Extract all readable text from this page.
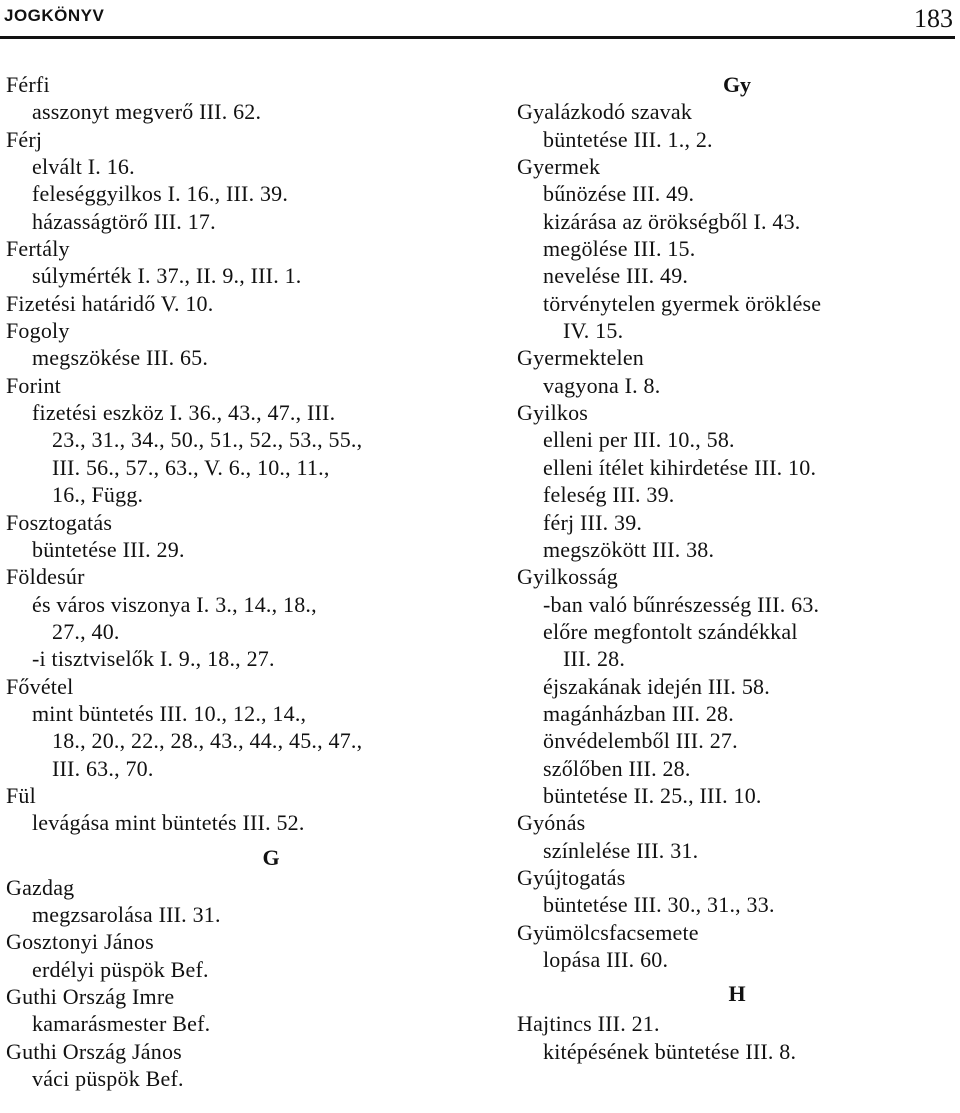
JOGKÖNYV	183
Férfi
asszonyt megverő III. 62.
Férj
elvált I. 16.
feleséggyilkos I. 16., III. 39.
házasságtörő III. 17.
Fertály
súlymérték I. 37., II. 9., III. 1.
Fizetési határidő V. 10.
Fogoly
megszökése III. 65.
Forint
fizetési eszköz I. 36., 43., 47., III.
23., 31., 34., 50., 51., 52., 53., 55.,
III. 56., 57., 63., V. 6., 10., 11.,
16., Függ.
Fosztogatás
büntetése III. 29.
Földesúr
és város viszonya I. 3., 14., 18.,
27., 40.
-i tisztviselők I. 9., 18., 27.
Fővétel
mint büntetés III. 10., 12., 14.,
18., 20., 22., 28., 43., 44., 45., 47.,
III. 63., 70.
Fül
levágása mint büntetés III. 52.
G
Gazdag
megzsarolása III. 31.
Gosztonyi János
erdélyi püspök Bef.
Guthi Ország Imre
kamarásmester Bef.
Guthi Ország János
váci püspök Bef.
Gy
Gyalázkodó szavak
büntetése III. 1., 2.
Gyermek
bűnözése III. 49.
kizárása az örökségből I. 43.
megölése III. 15.
nevelése III. 49.
törvénytelen gyermek öröklése
IV. 15.
Gyermektelen
vagyona I. 8.
Gyilkos
elleni per III. 10., 58.
elleni ítélet kihirdetése III. 10.
feleség III. 39.
férj III. 39.
megszökött III. 38.
Gyilkosság
-ban való bűnrészesség III. 63.
előre megfontolt szándékkal
III. 28.
éjszakának idején III. 58.
magánházban III. 28.
önvédelemből III. 27.
szőlőben III. 28.
büntetése II. 25., III. 10.
Gyónás
színlelése III. 31.
Gyújtogatás
büntetése III. 30., 31., 33.
Gyümölcsfacsemete
lopása III. 60.
H
Hajtincs III. 21.
kitépésének büntetése III. 8.
